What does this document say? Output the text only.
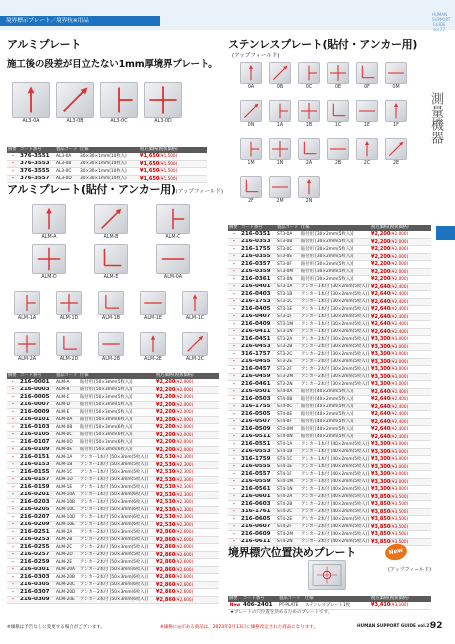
境界標示プレート／境界杭※用品
HUMAN
SUPPORT
GUIDE
vol.27
測量機器
アルミプレート
施工後の段差が目立たない1mm厚境界プレート。
摘要	コード番号	製品コード	仕様	税込価格(税抜価格)
–	376-3551	AL3-0A	30×30×1mm(10枚入)	¥1,650(¥1,500)
–	376-3553	AL3-0B	30×30×1mm(10枚入)	¥1,650(¥1,500)
–	376-3555	AL3-0C	30×30×1mm(10枚入)	¥1,650(¥1,500)
–	376-3557	AL3-0D	30×30×1mm(10枚入)	¥1,650(¥1,500)
アルミプレート(貼付・アンカー用)(アップフィールド)
摘要	コード番号	製品コード	仕様	税込価格(税抜価格)
–	216-0001	ALM-A	貼付用 [50×3mm(5枚入)]	¥2,200(¥2,000)
–	216-0003	ALM-B	貼付用 [50×3mm(5枚入)]	¥2,200(¥2,000)
–	216-0005	ALM-C	貼付用 [50×3mm(5枚入)]	¥2,200(¥2,000)
–	216-0007	ALM-D	貼付用 [50×3mm(5枚入)]	¥2,200(¥2,000)
–	216-0009	ALM-E	貼付用 [50×3mm(5枚入)]	¥2,200(¥2,000)
–	216-0101	ALM-0A	貼付用 [50×3mm(6枚入)]	¥2,200(¥2,000)
–	216-0103	ALM-0B	貼付用 [50×3mm(6枚入)]	¥2,200(¥2,000)
–	216-0105	ALM-0C	貼付用 [50×3mm(6枚入)]	¥2,200(¥2,000)
–	216-0107	ALM-0D	貼付用 [50×3mm(6枚入)]	¥2,200(¥2,000)
–	216-0109	ALM-0E	貼付用 [50×3mm(6枚入)]	¥2,200(¥2,000)
–	216-0151	ALM-1A	アンカー1本付 [50×3mm(5枚入)]	¥2,530(¥2,300)
–	216-0153	ALM-1B	アンカー1本付 [50×3mm(5枚入)]	¥2,530(¥2,300)
–	216-0155	ALM-1C	アンカー1本付 [50×3mm(5枚入)]	¥2,530(¥2,300)
–	216-0157	ALM-1D	アンカー1本付 [50×3mm(5枚入)]	¥2,530(¥2,300)
–	216-0159	ALM-1E	アンカー1本付 [50×3mm(5枚入)]	¥2,530(¥2,300)
–	216-0201	ALM-10A	アンカー1本付 [50×3mm(6枚入)]	¥2,530(¥2,300)
–	216-0203	ALM-10B	アンカー1本付 [50×3mm(6枚入)]	¥2,530(¥2,300)
–	216-0205	ALM-10C	アンカー1本付 [50×3mm(6枚入)]	¥2,530(¥2,300)
–	216-0207	ALM-10D	アンカー1本付 [50×3mm(6枚入)]	¥2,530(¥2,300)
–	216-0209	ALM-10E	アンカー1本付 [50×3mm(6枚入)]	¥2,530(¥2,300)
–	216-0251	ALM-2A	アンカー2本付 [50×3mm(5枚入)]	¥2,860(¥2,600)
–	216-0253	ALM-2B	アンカー2本付 [50×3mm(5枚入)]	¥2,860(¥2,600)
–	216-0255	ALM-2C	アンカー2本付 [50×3mm(5枚入)]	¥2,860(¥2,600)
–	216-0257	ALM-2D	アンカー2本付 [50×3mm(5枚入)]	¥2,860(¥2,600)
–	216-0259	ALM-2E	アンカー2本付 [50×3mm(5枚入)]	¥2,860(¥2,600)
–	216-0301	ALM-20A	アンカー2本付 [50×3mm(6枚入)]	¥2,860(¥2,600)
–	216-0303	ALM-20B	アンカー2本付 [50×3mm(6枚入)]	¥2,860(¥2,600)
–	216-0305	ALM-20C	アンカー2本付 [50×3mm(6枚入)]	¥2,860(¥2,600)
–	216-0307	ALM-20D	アンカー2本付 [50×3mm(6枚入)]	¥2,860(¥2,600)
–	216-0309	ALM-20E	アンカー2本付 [50×3mm(6枚入)]	¥2,860(¥2,600)
ステンレスプレート(貼付・アンカー用)
(アップフィールド)
摘要	コード番号	製品コード	仕様	税込価格(税抜価格)
–	216-0351	ST3-0A	貼付用 [30×2mm(5枚入)]	¥2,200(¥2,000)
–	216-0353	ST3-0B	貼付用 [30×2mm(5枚入)]	¥2,200(¥2,000)
–	216-1755	ST3-0C	貼付用 [30×2mm(5枚入)]	¥2,200(¥2,000)
–	216-0355	ST3-0E	貼付用 [30×2mm(5枚入)]	¥2,200(¥2,000)
–	216-0357	ST3-0F	貼付用 [30×2mm(5枚入)]	¥2,200(¥2,000)
–	216-0359	ST3-0M	貼付用 [30×2mm(5枚入)]	¥2,200(¥2,000)
–	216-0361	ST3-0N	貼付用 [30×2mm(5枚入)]	¥2,200(¥2,000)
–	216-0401	ST3-1A	アンカー1本付 [30×2mm(5枚入)]	¥2,640(¥2,400)
–	216-0403	ST3-1B	アンカー1本付 [30×2mm(5枚入)]	¥2,640(¥2,400)
–	216-1753	ST3-1C	アンカー1本付 [30×2mm(5枚入)]	¥2,640(¥2,400)
–	216-0405	ST3-1E	アンカー1本付 [30×2mm(5枚入)]	¥2,640(¥2,400)
–	216-0407	ST3-1F	アンカー1本付 [30×2mm(5枚入)]	¥2,640(¥2,400)
–	216-0409	ST3-1M	アンカー1本付 [30×2mm(5枚入)]	¥2,640(¥2,400)
–	216-0411	ST3-1N	アンカー1本付 [30×2mm(5枚入)]	¥2,640(¥2,400)
–	216-0451	ST3-2A	アンカー2本付 [30×2mm(5枚入)]	¥3,300(¥3,000)
–	216-0453	ST3-2B	アンカー2本付 [30×2mm(5枚入)]	¥3,300(¥3,000)
–	316-1757	ST3-2C	アンカー2本付 [30×2mm(5枚入)]	¥3,300(¥3,000)
–	216-0455	ST3-2E	アンカー2本付 [30×2mm(5枚入)]	¥3,300(¥3,000)
–	216-0457	ST3-2F	アンカー2本付 [30×2mm(5枚入)]	¥3,300(¥3,000)
–	216-0459	ST3-2M	アンカー2本付 [30×2mm(5枚入)]	¥3,300(¥3,000)
–	216-0461	ST3-2N	アンカー2本付 [30×2mm(5枚入)]	¥3,300(¥3,000)
–	216-0501	ST4-0A	貼付用 [40×2mm(5枚入)]	¥2,640(¥2,400)
–	216-0503	ST4-0B	貼付用 [40×2mm(5枚入)]	¥2,640(¥2,400)
–	316-1755	ST4-0C	貼付用 [40×2mm(5枚入)]	¥2,640(¥2,400)
–	216-0505	ST4-0E	貼付用 [40×2mm(5枚入)]	¥2,640(¥2,400)
–	216-0507	ST4-0F	貼付用 [40×2mm(5枚入)]	¥2,640(¥2,400)
–	216-0509	ST4-0M	貼付用 [40×2mm(5枚入)]	¥2,640(¥2,400)
–	216-0511	ST4-0N	貼付用 [40×2mm(5枚入)]	¥2,640(¥2,400)
–	216-0551	ST4-1A	アンカー1本付 [40×2mm(5枚入)]	¥3,300(¥3,000)
–	216-0553	ST4-1B	アンカー1本付 [40×2mm(5枚入)]	¥3,300(¥3,000)
–	316-1759	ST4-1C	アンカー1本付 [40×2mm(5枚入)]	¥3,300(¥3,000)
–	216-0555	ST4-1E	アンカー1本付 [40×2mm(5枚入)]	¥3,300(¥3,000)
–	216-0557	ST4-1F	アンカー1本付 [40×2mm(5枚入)]	¥3,300(¥3,000)
–	216-0559	ST4-1M	アンカー1本付 [40×2mm(5枚入)]	¥3,300(¥3,000)
–	216-0561	ST4-1N	アンカー1本付 [40×2mm(5枚入)]	¥3,300(¥3,000)
–	216-0601	ST4-2A	アンカー2本付 [40×2mm(5枚入)]	¥3,850(¥3,500)
–	216-0603	ST4-2B	アンカー2本付 [40×2mm(5枚入)]	¥3,850(¥3,500)
–	316-1761	ST4-2C	アンカー2本付 [40×2mm(5枚入)]	¥3,850(¥3,500)
–	216-0605	ST4-2E	アンカー2本付 [40×2mm(5枚入)]	¥3,850(¥3,500)
–	216-0607	ST4-2F	アンカー2本付 [40×2mm(5枚入)]	¥3,850(¥3,500)
–	216-0609	ST4-2M	アンカー2本付 [40×2mm(5枚入)]	¥3,850(¥3,500)
–	216-0611	ST4-2N	アンカー2本付 [40×2mm(5枚入)]	¥3,850(¥3,500)
境界標穴位置決めプレート	New
(アップフィールド)
摘要	コード番号	製品コード	仕様	税込価格(税抜価格)
New	406-2401	PT-PLATE	ステンレスプレート1枚	¥3,410(¥3,100)
★プレートの穴位置を決めるためのプレートです。
※価格は予告なしに変更する場合がございます。	※価格に◎がある商品は、2023年2月13日に価格改定された商品になります。	HUMAN SUPPORT GUIDE vol.27
92
AL3-0A	AL3-0B	AL3-0C	AL3-0D
ALM-A	ALM-B	ALM-C
ALM-D	ALM-E	ALM-0A
ALM-1A	ALM-1D	ALM-1B	ALM-1E	ALM-1C
ALM-2A	ALM-2D	ALM-2B	ALM-2E	ALM-2C
0A	0B	0C	0E	0F	0M
0N	1A	1B	1C	1E	1F
1M	1N	2A	2B	2C	2E
2F	2M	2N
